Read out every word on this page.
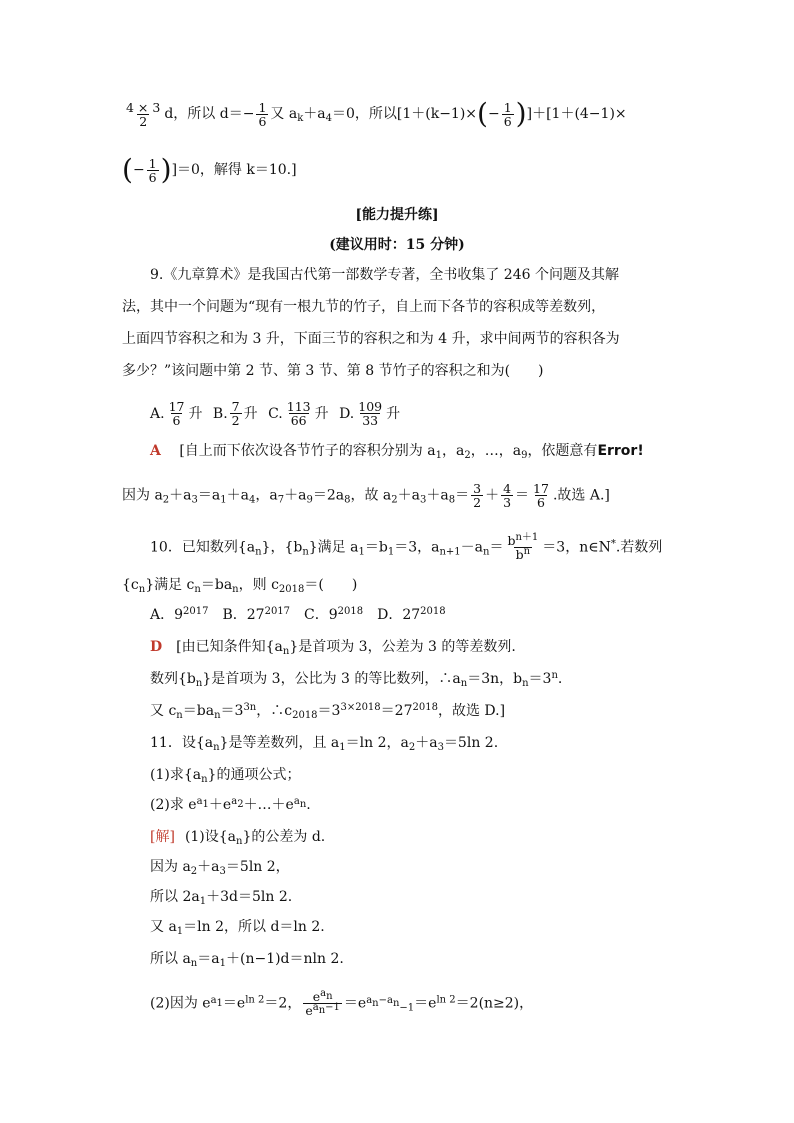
$\frac{4 \times 3}{2}$ d，所以 $d=- \frac{1}{6}$ 又 $a_k+a_4=0$，所以$[1+(k-1)\times(- \frac{1}{6} )]+[1+(4-1)\times$
(− $\frac{1}{6} )]=0$，解得 k＝10.]
[能力提升练]
(建议用时：15 分钟)
9.《九章算术》是我国古代第一部数学专著，全书收集了 246 个问题及其解
法，其中一个问题为“现有一根九节的竹子，自上而下各节的容积成等差数列，
上面四节容积之和为 3 升，下面三节的容积之和为 4 升，求中间两节的容积各为
多少？”该问题中第 2 节、第 3 节、第 8 节竹子的容积之和为(　　)
A. $\frac{17}{6}$ 升 B. $\frac{7}{2}$ 升 C. $\frac{113}{66}$ 升 D. $\frac{109}{33}$ 升
A [自上而下依次设各节竹子的容积分别为 $a_1$，$a_2$，…，$a_9$，依题意有Error!
因为 $a_2+a_3=a_1+a_4$，$a_7+a_9=2a_8$，故 $a_2+a_3+a_8= \frac{3}{2} + \frac{4}{3} = \frac{17}{6}$ .故选 A.]
10．已知数列$\{a_n\}$，$\{b_n\}$满足 $a_1=b_1=3$，$a_{n+1}-a_n= \frac{b^{n+1}}{b^n} =3$，n∈N*.若数列
$\{c_n\}$满足 $c_n=ba_n$，则 $c_{2018}=$(　　)
A．$9^{2017}$　B．$27^{2017}$　C．$9^{2018}$　D．$27^{2018}$
D [由已知条件知$\{a_n\}$是首项为 3，公差为 3 的等差数列.
数列$\{b_n\}$是首项为 3，公比为 3 的等比数列，$\therefore a_n=3n$，$b_n=3^n$.
又 $c_n=ba_n=3^{3n}$，$\therefore c_{2018}=3^{3\times 2018}=27^{2018}$，故选 D.]
11．设$\{a_n\}$是等差数列，且 $a_1=\ln$ 2，$a_2+a_3=5\ln$ 2.
(1)求$\{a_n\}$的通项公式；
(2)求 $e^{a_1}+e^{a_2}+\dots+e^{a_n}$.
[解] (1)设$\{a_n\}$的公差为 d.
因为 $a_2+a_3=5\ln$ 2，
所以 $2a_1+3d=5\ln$ 2.
又 $a_1=\ln$ 2，所以 d＝ln 2.
所以 $a_n=a_1+(n-1)d=nln$ 2.
(2)因为 $e^{a_1}=e^{ln 2}=2$， $\frac{e^{a_n}}{e^{a_n-1}} =e^{a_n-a_n}_{-1}=e^{ln 2}=2(n\ge 2)$，
